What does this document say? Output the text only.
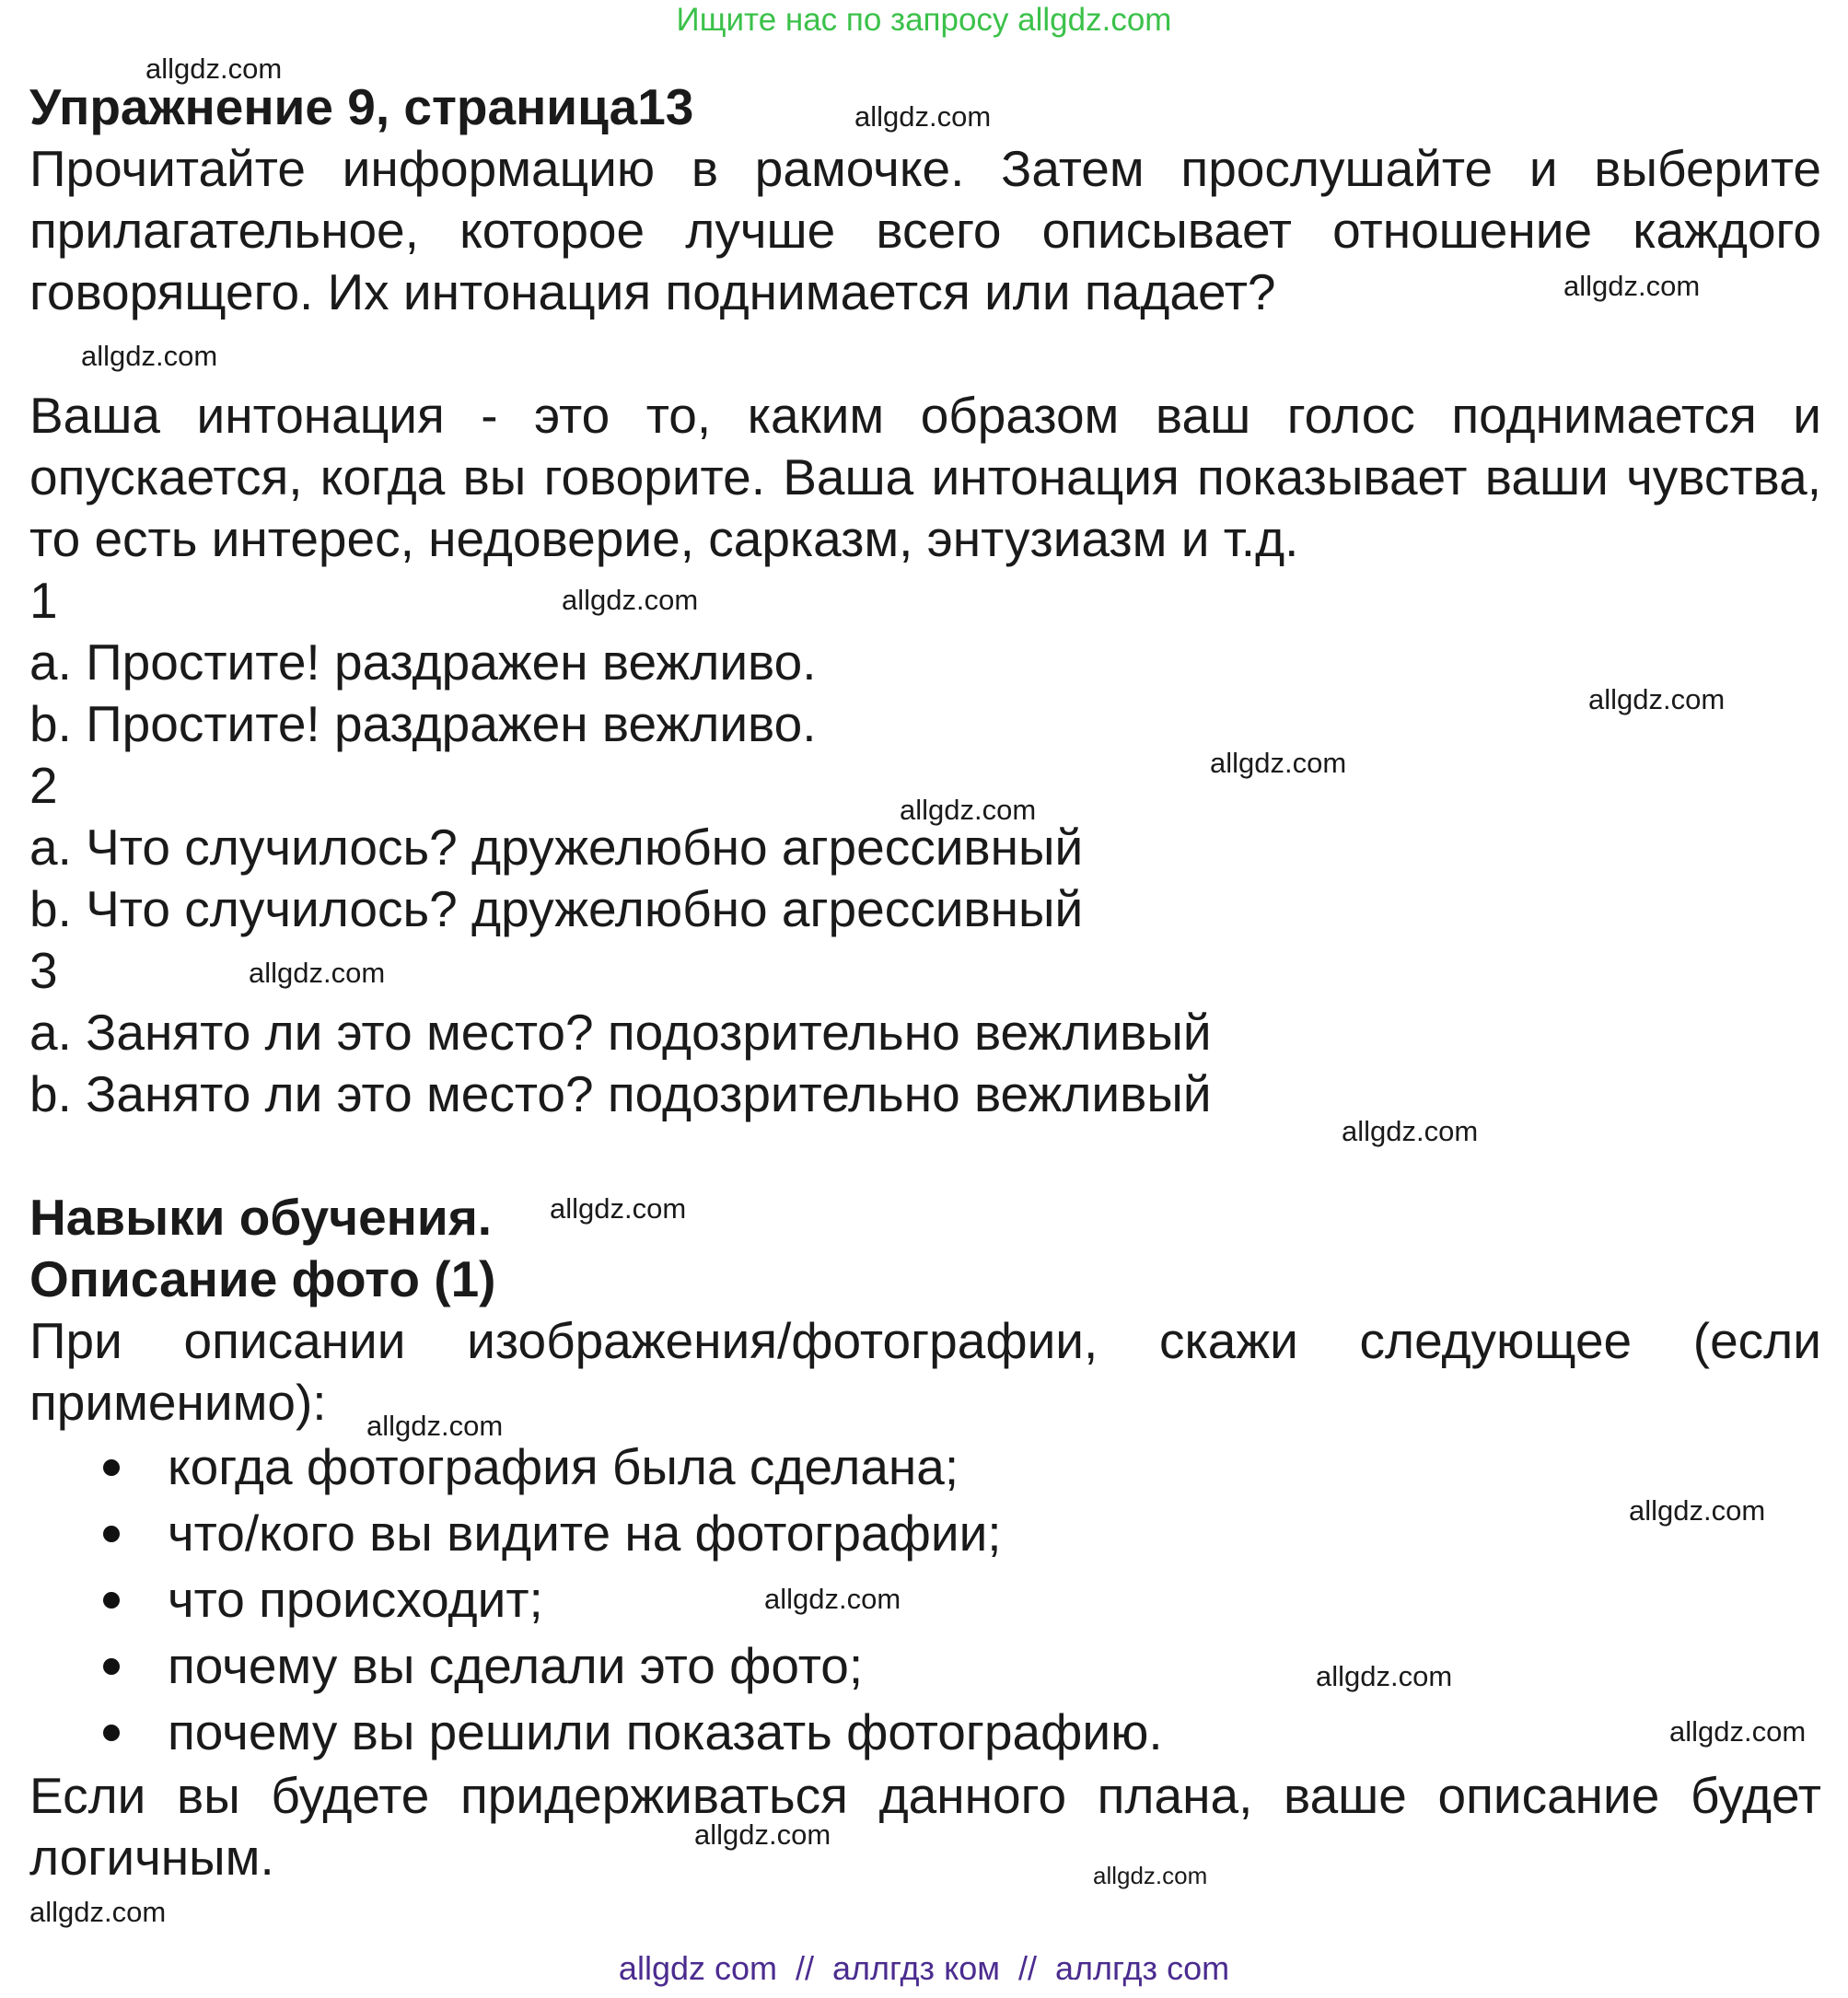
Ищите нас по запросу allgdz.com

Упражнение 9, страница13

Прочитайте информацию в рамочке. Затем прослушайте и выберите прилагательное, которое лучше всего описывает отношение каждого говорящего. Их интонация поднимается или падает?

Ваша интонация - это то, каким образом ваш голос поднимается и опускается, когда вы говорите. Ваша интонация показывает ваши чувства, то есть интерес, недоверие, сарказм, энтузиазм и т.д.

1

a. Простите! раздражен вежливо.

b. Простите! раздражен вежливо.

2

a. Что случилось? дружелюбно агрессивный

b. Что случилось? дружелюбно агрессивный

3

a. Занято ли это место? подозрительно вежливый

b. Занято ли это место? подозрительно вежливый

Навыки обучения.

Описание фото (1)

При описании изображения/фотографии, скажи следующее (если применимо):

когда фотография была сделана;
что/кого вы видите на фотографии;
что происходит;
почему вы сделали это фото;
почему вы решили показать фотографию.

Если вы будете придерживаться данного плана, ваше описание будет логичным.

allgdz.com
allgdz.com
allgdz.com
allgdz.com
allgdz.com
allgdz.com
allgdz.com
allgdz.com
allgdz.com
allgdz.com
allgdz.com
allgdz.com
allgdz.com
allgdz.com
allgdz.com
allgdz.com
allgdz.com
allgdz.com
allgdz.com
allgdz com  //  аллгдз ком  //  аллгдз com
